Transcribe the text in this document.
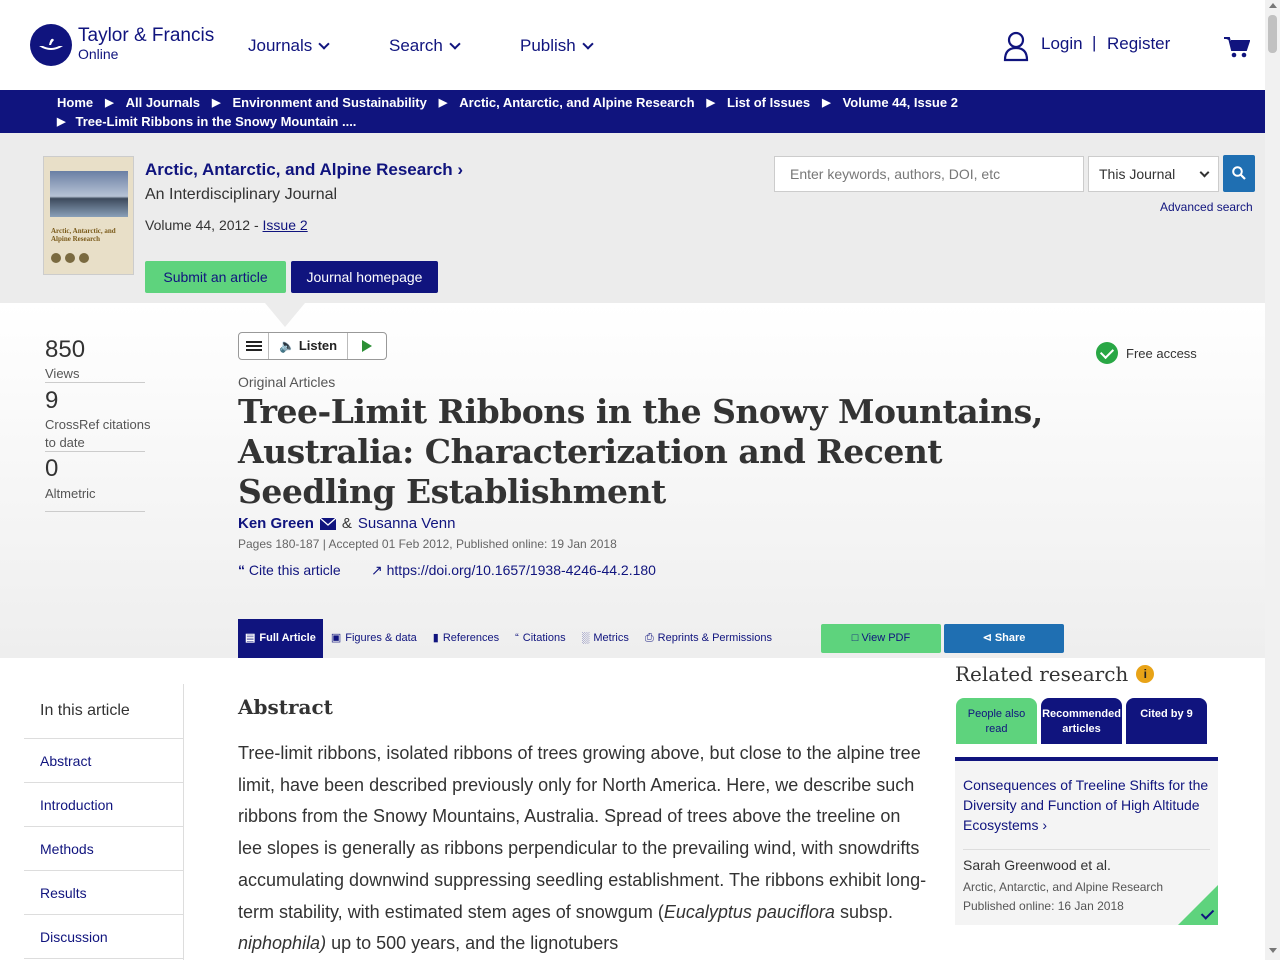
Taylor & Francis
Online	Journals	Search	Publish	Login | Register
Home ▶ All Journals ▶ Environment and Sustainability ▶ Arctic, Antarctic, and Alpine Research ▶ List of Issues ▶ Volume 44, Issue 2
▶ Tree-Limit Ribbons in the Snowy Mountain ....
Arctic, Antarctic, and Alpine Research
Arctic, Antarctic, and Alpine Research ›
An Interdisciplinary Journal
Volume 44, 2012 - Issue 2
Submit an article	Journal homepage
Enter keywords, authors, DOI, etc	This Journal
Advanced search
850
Views
9
CrossRef citations to date
0
Altmetric
🔈 Listen	Free access
Original Articles
Tree-Limit Ribbons in the Snowy Mountains, Australia: Characterization and Recent Seedling Establishment
Ken Green & Susanna Venn
Pages 180-187 | Accepted 01 Feb 2012, Published online: 19 Jan 2018
“ Cite this article ↗ https://doi.org/10.1657/1938-4246-44.2.180
▤ Full Article ▣ Figures & data ▮ References “ Citations ░ Metrics ⎙ Reprints & Permissions	□ View PDF	⊲ Share
In this article
Abstract
Introduction
Methods
Results
Discussion
Abstract

Tree-limit ribbons, isolated ribbons of trees growing above, but close to the alpine tree limit, have been described previously only for North America. Here, we describe such ribbons from the Snowy Mountains, Australia. Spread of trees above the treeline on lee slopes is generally as ribbons perpendicular to the prevailing wind, with snowdrifts accumulating downwind suppressing seedling establishment. The ribbons exhibit long-term stability, with estimated stem ages of snowgum (Eucalyptus pauciflora subsp. niphophila) up to 500 years, and the lignotubers

Related research	i
People also read
Recommended articles
Cited by 9
Consequences of Treeline Shifts for the Diversity and Function of High Altitude Ecosystems ›
Sarah Greenwood et al.
Arctic, Antarctic, and Alpine Research
Published online: 16 Jan 2018
